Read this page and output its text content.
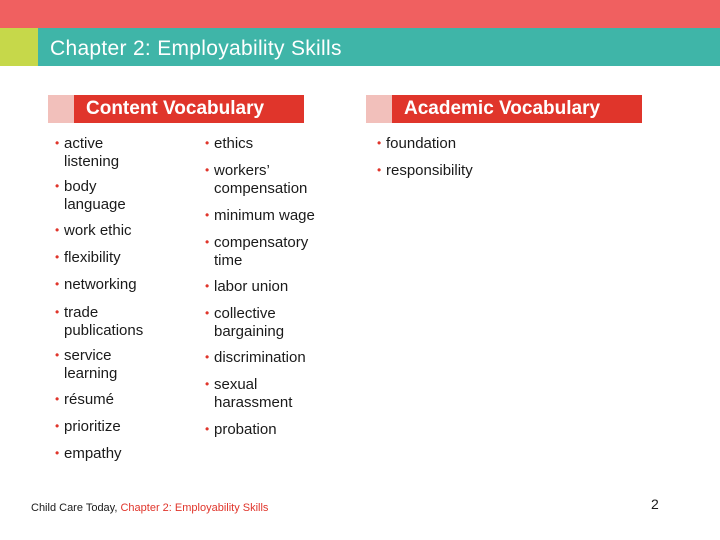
Chapter 2: Employability Skills
Content Vocabulary	Academic Vocabulary
• active
listening
• body
language
• work ethic
• flexibility
• networking
• trade
publications
• service
learning
• résumé
• prioritize
• empathy
• ethics
• workers’
compensation
• minimum wage
• compensatory
time
• labor union
• collective
bargaining
• discrimination
• sexual
harassment
• probation
• foundation
• responsibility
Child Care Today, Chapter 2: Employability Skills	2
